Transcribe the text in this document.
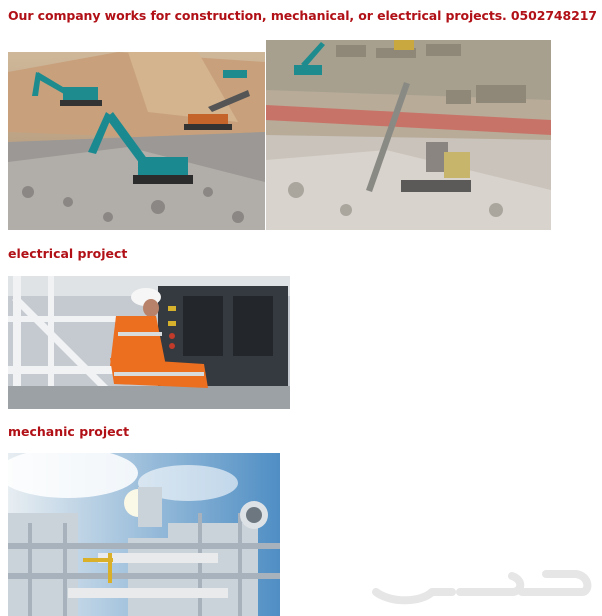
Our company works for construction, mechanical, or electrical projects. 0502748217
electrical project
mechanic project
